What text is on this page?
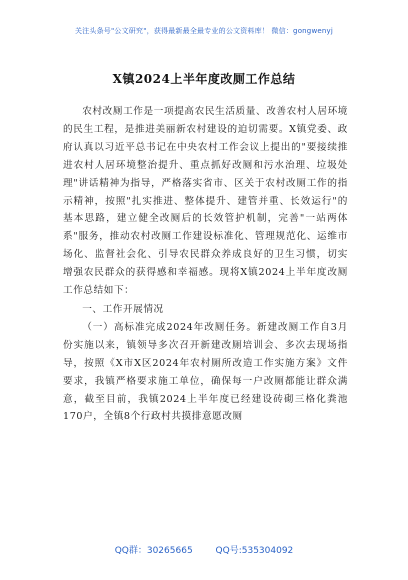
关注头条号"公文研究"，获得最新最全最专业的公文资料库！ 微信：gongwenyj
X镇2024上半年度改厕工作总结

农村改厕工作是一项提高农民生活质量、改善农村人居环境的民生工程，是推进美丽新农村建设的迫切需要。X镇党委、政府认真以习近平总书记在中央农村工作会议上提出的"要接续推进农村人居环境整治提升、重点抓好改厕和污水治理、垃圾处理"讲话精神为指导，严格落实省市、区关于农村改厕工作的指示精神，按照"扎实推进、整体提升、建管并重、长效运行"的基本思路，建立健全改厕后的长效管护机制，完善"一站两体系"服务，推动农村改厕工作建设标准化、管理规范化、运维市场化、监督社会化、引导农民群众养成良好的卫生习惯，切实增强农民群众的获得感和幸福感。现将X镇2024上半年度改厕工作总结如下：

一、工作开展情况

（一）高标准完成2024年改厕任务。新建改厕工作自3月份实施以来，镇领导多次召开新建改厕培训会、多次去现场指导，按照《X市X区2024年农村厕所改造工作实施方案》文件要求，我镇严格要求施工单位，确保每一户改厕都能让群众满意，截至目前，我镇2024上半年度已经建设砖砌三格化粪池170户，全镇8个行政村共摸排意愿改厕

QQ群：30265665	QQ号:535304092
